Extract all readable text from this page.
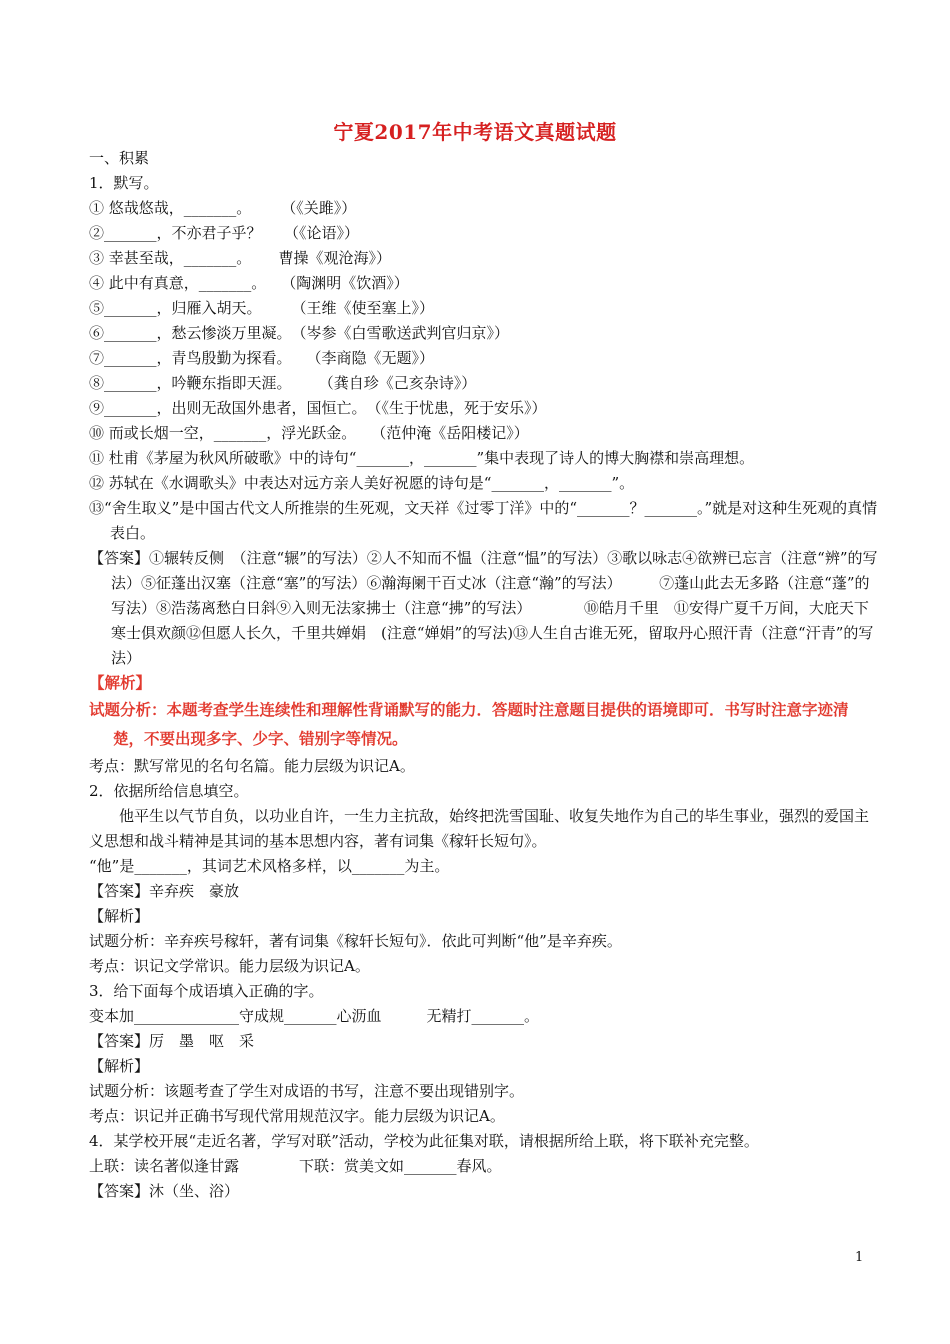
宁夏2017年中考语文真题试题
一、积累
1．默写。
① 悠哉悠哉，_______。　　　（《关雎》）
②_______，不亦君子乎？　　（《论语》）
③ 幸甚至哉，_______。　　 曹操《观沧海》）
④ 此中有真意，_______。　　（陶渊明《饮酒》）
⑤_______，归雁入胡天。　　　（王维《使至塞上》）
⑥_______，愁云惨淡万里凝。　（岑参《白雪歌送武判官归京》）
⑦_______，青鸟殷勤为探看。　　（李商隐《无题》）
⑧_______，吟鞭东指即天涯。　　 （龚自珍《己亥杂诗》）
⑨_______，出则无敌国外患者，国恒亡。　（《生于忧患，死于安乐》）
⑩ 而或长烟一空，_______，浮光跃金。　　（范仲淹《岳阳楼记》）
⑪ 杜甫《茅屋为秋风所破歌》中的诗句“_______，_______”集中表现了诗人的博大胸襟和崇高理想。
⑫ 苏轼在《水调歌头》中表达对远方亲人美好祝愿的诗句是“_______，_______”。
⑬“舍生取义”是中国古代文人所推崇的生死观，文天祥《过零丁洋》中的“_______？_______。”就是对这种生死观的真情表白。
【答案】①辗转反侧　（注意“辗”的写法）②人不知而不愠（注意“愠”的写法）③歌以咏志④欲辨已忘言（注意“辨”的写法）⑤征蓬出汉塞（注意“塞”的写法）⑥瀚海阑干百丈冰（注意“瀚”的写法）　　　⑦蓬山此去无多路（注意“蓬”的写法）⑧浩荡离愁白日斜⑨入则无法家拂士（注意“拂”的写法）　　　　⑩皓月千里　⑪安得广夏千万间，大庇天下寒士俱欢颜⑫但愿人长久，千里共婵娟　(注意“婵娟”的写法)⑬人生自古谁无死，留取丹心照汗青（注意“汗青”的写法）
【解析】
试题分析：本题考查学生连续性和理解性背诵默写的能力．答题时注意题目提供的语境即可．书写时注意字迹清楚，不要出现多字、少字、错别字等情况。
考点：默写常见的名句名篇。能力层级为识记A。
2．依据所给信息填空。
他平生以气节自负，以功业自许，一生力主抗敌，始终把洗雪国耻、收复失地作为自己的毕生事业，强烈的爱国主义思想和战斗精神是其词的基本思想内容，著有词集《稼轩长短句》。
“他”是_______，其词艺术风格多样，以_______为主。
【答案】辛弃疾　豪放
【解析】
试题分析：辛弃疾号稼轩，著有词集《稼轩长短句》．依此可判断“他”是辛弃疾。
考点：识记文学常识。能力层级为识记A。
3．给下面每个成语填入正确的字。
变本加______________守成规_______心沥血　　　无精打_______。
【答案】厉　墨　呕　采
【解析】
试题分析：该题考查了学生对成语的书写，注意不要出现错别字。
考点：识记并正确书写现代常用规范汉字。能力层级为识记A。
4．某学校开展“走近名著，学写对联”活动，学校为此征集对联，请根据所给上联，将下联补充完整。
上联：读名著似逢甘露　　　　下联：赏美文如_______春风。
【答案】沐（坐、浴）
1
